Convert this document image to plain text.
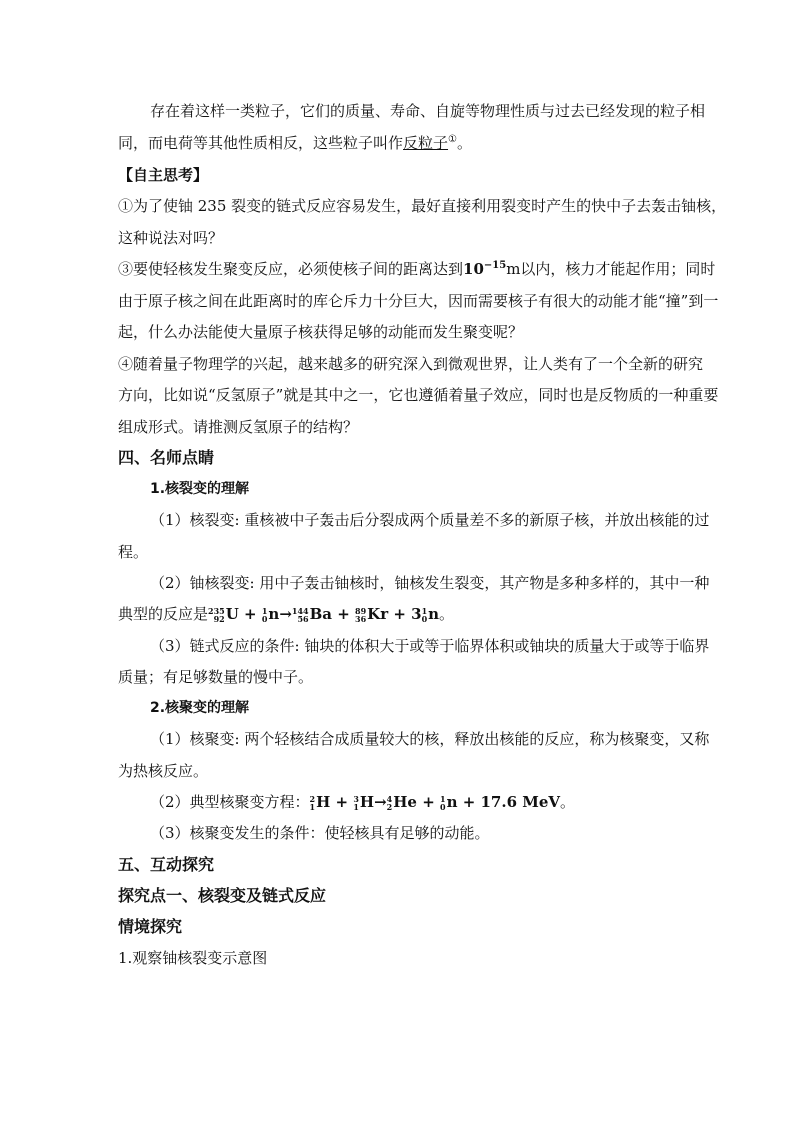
存在着这样一类粒子，它们的质量、寿命、自旋等物理性质与过去已经发现的粒子相
同，而电荷等其他性质相反，这些粒子叫作反粒子①。
【自主思考】
①为了使铀 235 裂变的链式反应容易发生，最好直接利用裂变时产生的快中子去轰击铀核，
这种说法对吗？
③要使轻核发生聚变反应，必须使核子间的距离达到$10^{-15}m$以内，核力才能起作用；同时
由于原子核之间在此距离时的库仑斥力十分巨大，因而需要核子有很大的动能才能“撞”到一
起，什么办法能使大量原子核获得足够的动能而发生聚变呢？
④随着量子物理学的兴起，越来越多的研究深入到微观世界，让人类有了一个全新的研究
方向，比如说“反氢原子”就是其中之一，它也遵循着量子效应，同时也是反物质的一种重要
组成形式。请推测反氢原子的结构？
四、名师点睛
1.核裂变的理解
（1）核裂变: 重核被中子轰击后分裂成两个质量差不多的新原子核，并放出核能的过
程。
（2）铀核裂变: 用中子轰击铀核时，铀核发生裂变，其产物是多种多样的，其中一种
典型的反应是 235
92 U + 1
0 n→ 144
56 Ba + 89
36 Kr + 3 1
0 n。
（3）链式反应的条件: 铀块的体积大于或等于临界体积或铀块的质量大于或等于临界
质量；有足够数量的慢中子。
2.核聚变的理解
（1）核聚变: 两个轻核结合成质量较大的核，释放出核能的反应，称为核聚变，又称
为热核反应。
（2）典型核聚变方程： 2
1 H + 3
1 H→ 4
2 He + 1
0 n + 17.6 MeV。
（3）核聚变发生的条件：使轻核具有足够的动能。
五、互动探究
探究点一、核裂变及链式反应
情境探究
1.观察铀核裂变示意图
